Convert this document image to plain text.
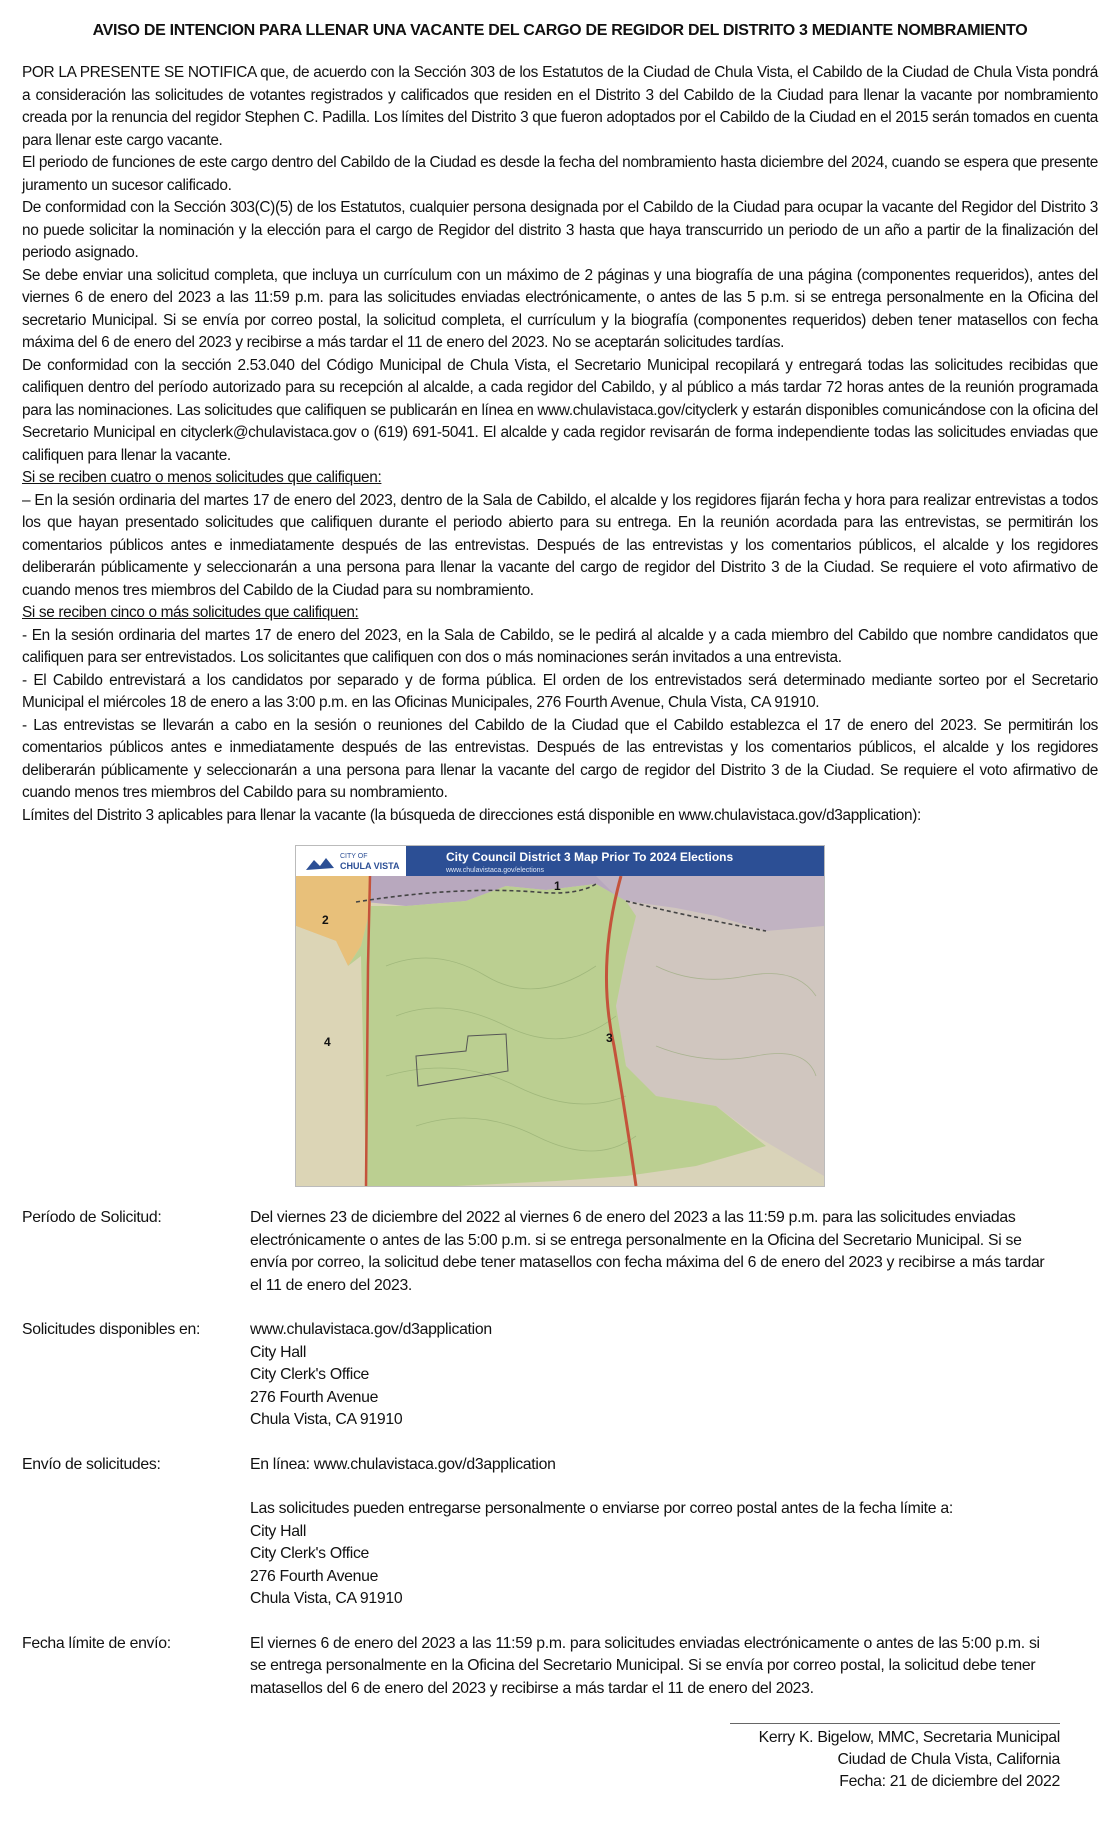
AVISO DE INTENCION PARA LLENAR UNA VACANTE DEL CARGO DE REGIDOR DEL DISTRITO 3 MEDIANTE NOMBRAMIENTO

POR LA PRESENTE SE NOTIFICA que, de acuerdo con la Sección 303 de los Estatutos de la Ciudad de Chula Vista, el Cabildo de la Ciudad de Chula Vista pondrá a consideración las solicitudes de votantes registrados y calificados que residen en el Distrito 3 del Cabildo de la Ciudad para llenar la vacante por nombramiento creada por la renuncia del regidor Stephen C. Padilla. Los límites del Distrito 3 que fueron adoptados por el Cabildo de la Ciudad en el 2015 serán tomados en cuenta para llenar este cargo vacante.

El periodo de funciones de este cargo dentro del Cabildo de la Ciudad es desde la fecha del nombramiento hasta diciembre del 2024, cuando se espera que presente juramento un sucesor calificado.

De conformidad con la Sección 303(C)(5) de los Estatutos, cualquier persona designada por el Cabildo de la Ciudad para ocupar la vacante del Regidor del Distrito 3 no puede solicitar la nominación y la elección para el cargo de Regidor del distrito 3 hasta que haya transcurrido un periodo de un año a partir de la finalización del periodo asignado.

Se debe enviar una solicitud completa, que incluya un currículum con un máximo de 2 páginas y una biografía de una página (componentes requeridos), antes del viernes 6 de enero del 2023 a las 11:59 p.m. para las solicitudes enviadas electrónicamente, o antes de las 5 p.m. si se entrega personalmente en la Oficina del secretario Municipal. Si se envía por correo postal, la solicitud completa, el currículum y la biografía (componentes requeridos) deben tener matasellos con fecha máxima del 6 de enero del 2023 y recibirse a más tardar el 11 de enero del 2023. No se aceptarán solicitudes tardías.

De conformidad con la sección 2.53.040 del Código Municipal de Chula Vista, el Secretario Municipal recopilará y entregará todas las solicitudes recibidas que califiquen dentro del período autorizado para su recepción al alcalde, a cada regidor del Cabildo, y al público a más tardar 72 horas antes de la reunión programada para las nominaciones. Las solicitudes que califiquen se publicarán en línea en www.chulavistaca.gov/cityclerk y estarán disponibles comunicándose con la oficina del Secretario Municipal en cityclerk@chulavistaca.gov o (619) 691-5041. El alcalde y cada regidor revisarán de forma independiente todas las solicitudes enviadas que califiquen para llenar la vacante.

Si se reciben cuatro o menos solicitudes que califiquen:

– En la sesión ordinaria del martes 17 de enero del 2023, dentro de la Sala de Cabildo, el alcalde y los regidores fijarán fecha y hora para realizar entrevistas a todos los que hayan presentado solicitudes que califiquen durante el periodo abierto para su entrega. En la reunión acordada para las entrevistas, se permitirán los comentarios públicos antes e inmediatamente después de las entrevistas. Después de las entrevistas y los comentarios públicos, el alcalde y los regidores deliberarán públicamente y seleccionarán a una persona para llenar la vacante del cargo de regidor del Distrito 3 de la Ciudad. Se requiere el voto afirmativo de cuando menos tres miembros del Cabildo de la Ciudad para su nombramiento.

Si se reciben cinco o más solicitudes que califiquen:

- En la sesión ordinaria del martes 17 de enero del 2023, en la Sala de Cabildo, se le pedirá al alcalde y a cada miembro del Cabildo que nombre candidatos que califiquen para ser entrevistados. Los solicitantes que califiquen con dos o más nominaciones serán invitados a una entrevista.

- El Cabildo entrevistará a los candidatos por separado y de forma pública. El orden de los entrevistados será determinado mediante sorteo por el Secretario Municipal el miércoles 18 de enero a las 3:00 p.m. en las Oficinas Municipales, 276 Fourth Avenue, Chula Vista, CA 91910.

- Las entrevistas se llevarán a cabo en la sesión o reuniones del Cabildo de la Ciudad que el Cabildo establezca el 17 de enero del 2023. Se permitirán los comentarios públicos antes e inmediatamente después de las entrevistas. Después de las entrevistas y los comentarios públicos, el alcalde y los regidores deliberarán públicamente y seleccionarán a una persona para llenar la vacante del cargo de regidor del Distrito 3 de la Ciudad. Se requiere el voto afirmativo de cuando menos tres miembros del Cabildo para su nombramiento.

Límites del Distrito 3 aplicables para llenar la vacante (la búsqueda de direcciones está disponible en www.chulavistaca.gov/d3application):

CITY OF
CHULA VISTA
City Council District 3 Map Prior To 2024 Elections
www.chulavistaca.gov/elections
1
2
3
4
Período de Solicitud:	Del viernes 23 de diciembre del 2022 al viernes 6 de enero del 2023 a las 11:59 p.m. para las solicitudes enviadas
electrónicamente o antes de las 5:00 p.m. si se entrega personalmente en la Oficina del Secretario Municipal. Si se
envía por correo, la solicitud debe tener matasellos con fecha máxima del 6 de enero del 2023 y recibirse a más tardar
el 11 de enero del 2023.
Solicitudes disponibles en:	www.chulavistaca.gov/d3application
City Hall
City Clerk's Office
276 Fourth Avenue
Chula Vista, CA 91910
Envío de solicitudes:	En línea: www.chulavistaca.gov/d3application
Las solicitudes pueden entregarse personalmente o enviarse por correo postal antes de la fecha límite a:
City Hall
City Clerk's Office
276 Fourth Avenue
Chula Vista, CA 91910
Fecha límite de envío:	El viernes 6 de enero del 2023 a las 11:59 p.m. para solicitudes enviadas electrónicamente o antes de las 5:00 p.m. si
se entrega personalmente en la Oficina del Secretario Municipal. Si se envía por correo postal, la solicitud debe tener
matasellos del 6 de enero del 2023 y recibirse a más tardar el 11 de enero del 2023.
Kerry K. Bigelow, MMC, Secretaria Municipal
Ciudad de Chula Vista, California
Fecha: 21 de diciembre del 2022
